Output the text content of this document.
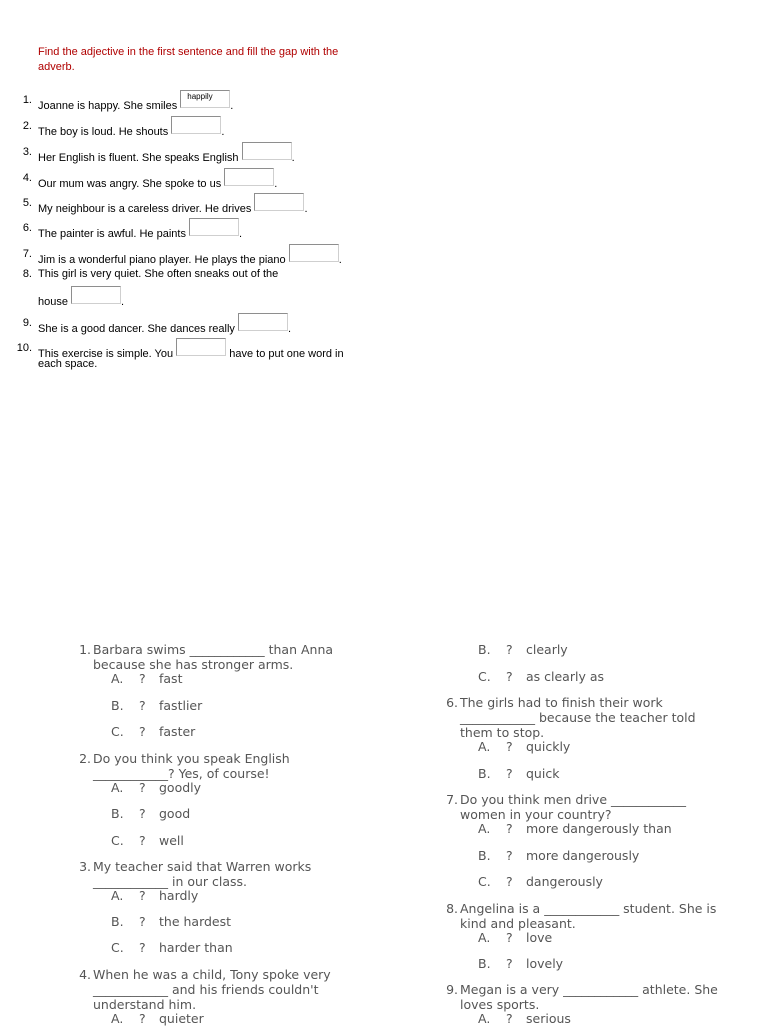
Find the adjective in the first sentence and fill the gap with the adverb.
1. Joanne is happy. She smiles happily.
2. The boy is loud. He shouts	.
3. Her English is fluent. She speaks English	.
4. Our mum was angry. She spoke to us	.
5. My neighbour is a careless driver. He drives	.
6. The painter is awful. He paints	.
7. Jim is a wonderful piano player. He plays the piano	.
8. This girl is very quiet. She often sneaks out of the
house	.
9. She is a good dancer. She dances really	.
10. This exercise is simple. You	have to put one word in
each space.
1. Barbara swims ____________ than Anna
because she has stronger arms.
A. ? fast
B. ? fastlier
C. ? faster
2. Do you think you speak English
____________? Yes, of course!
A. ? goodly
B. ? good
C. ? well
3. My teacher said that Warren works
____________ in our class.
A. ? hardly
B. ? the hardest
C. ? harder than
4. When he was a child, Tony spoke very
____________ and his friends couldn't
understand him.
A. ? quieter
B. ? clearly
C. ? as clearly as
6. The girls had to finish their work
____________ because the teacher told
them to stop.
A. ? quickly
B. ? quick
7. Do you think men drive ____________
women in your country?
A. ? more dangerously than
B. ? more dangerously
C. ? dangerously
8. Angelina is a ____________ student. She is
kind and pleasant.
A. ? love
B. ? lovely
9. Megan is a very ____________ athlete. She
loves sports.
A. ? serious
